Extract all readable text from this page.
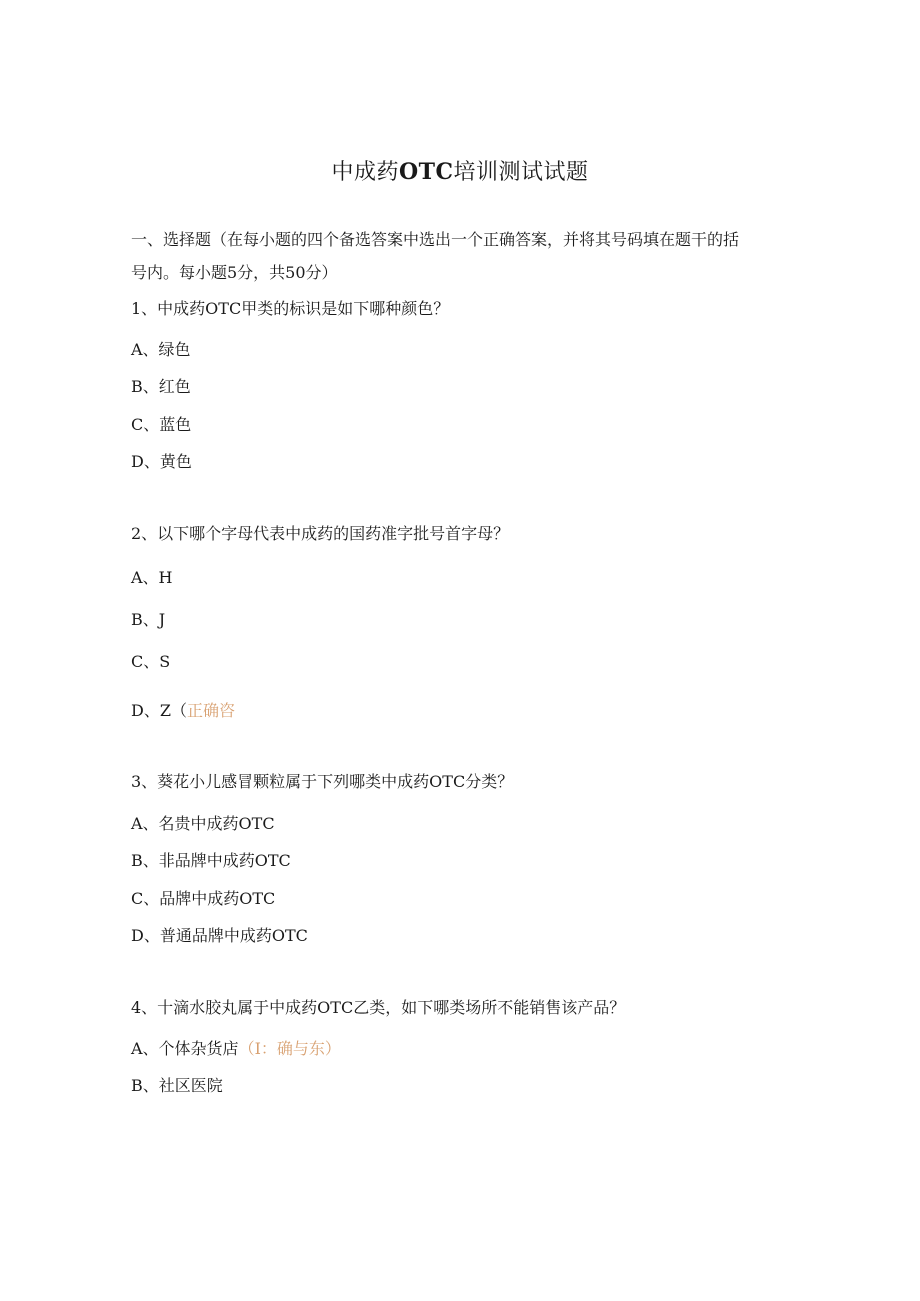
中成药OTC培训测试试题
一、选择题（在每小题的四个备选答案中选出一个正确答案，并将其号码填在题干的括
号内。每小题5分，共50分）
1、中成药OTC甲类的标识是如下哪种颜色？
A、绿色
B、红色
C、蓝色
D、黄色
2、以下哪个字母代表中成药的国药准字批号首字母？
A、H
B、J
C、S
D、Z（正确咨
3、葵花小儿感冒颗粒属于下列哪类中成药OTC分类？
A、名贵中成药OTC
B、非品牌中成药OTC
C、品牌中成药OTC
D、普通品牌中成药OTC
4、十滴水胶丸属于中成药OTC乙类，如下哪类场所不能销售该产品？
A、个体杂货店（I：确与东）
B、社区医院
